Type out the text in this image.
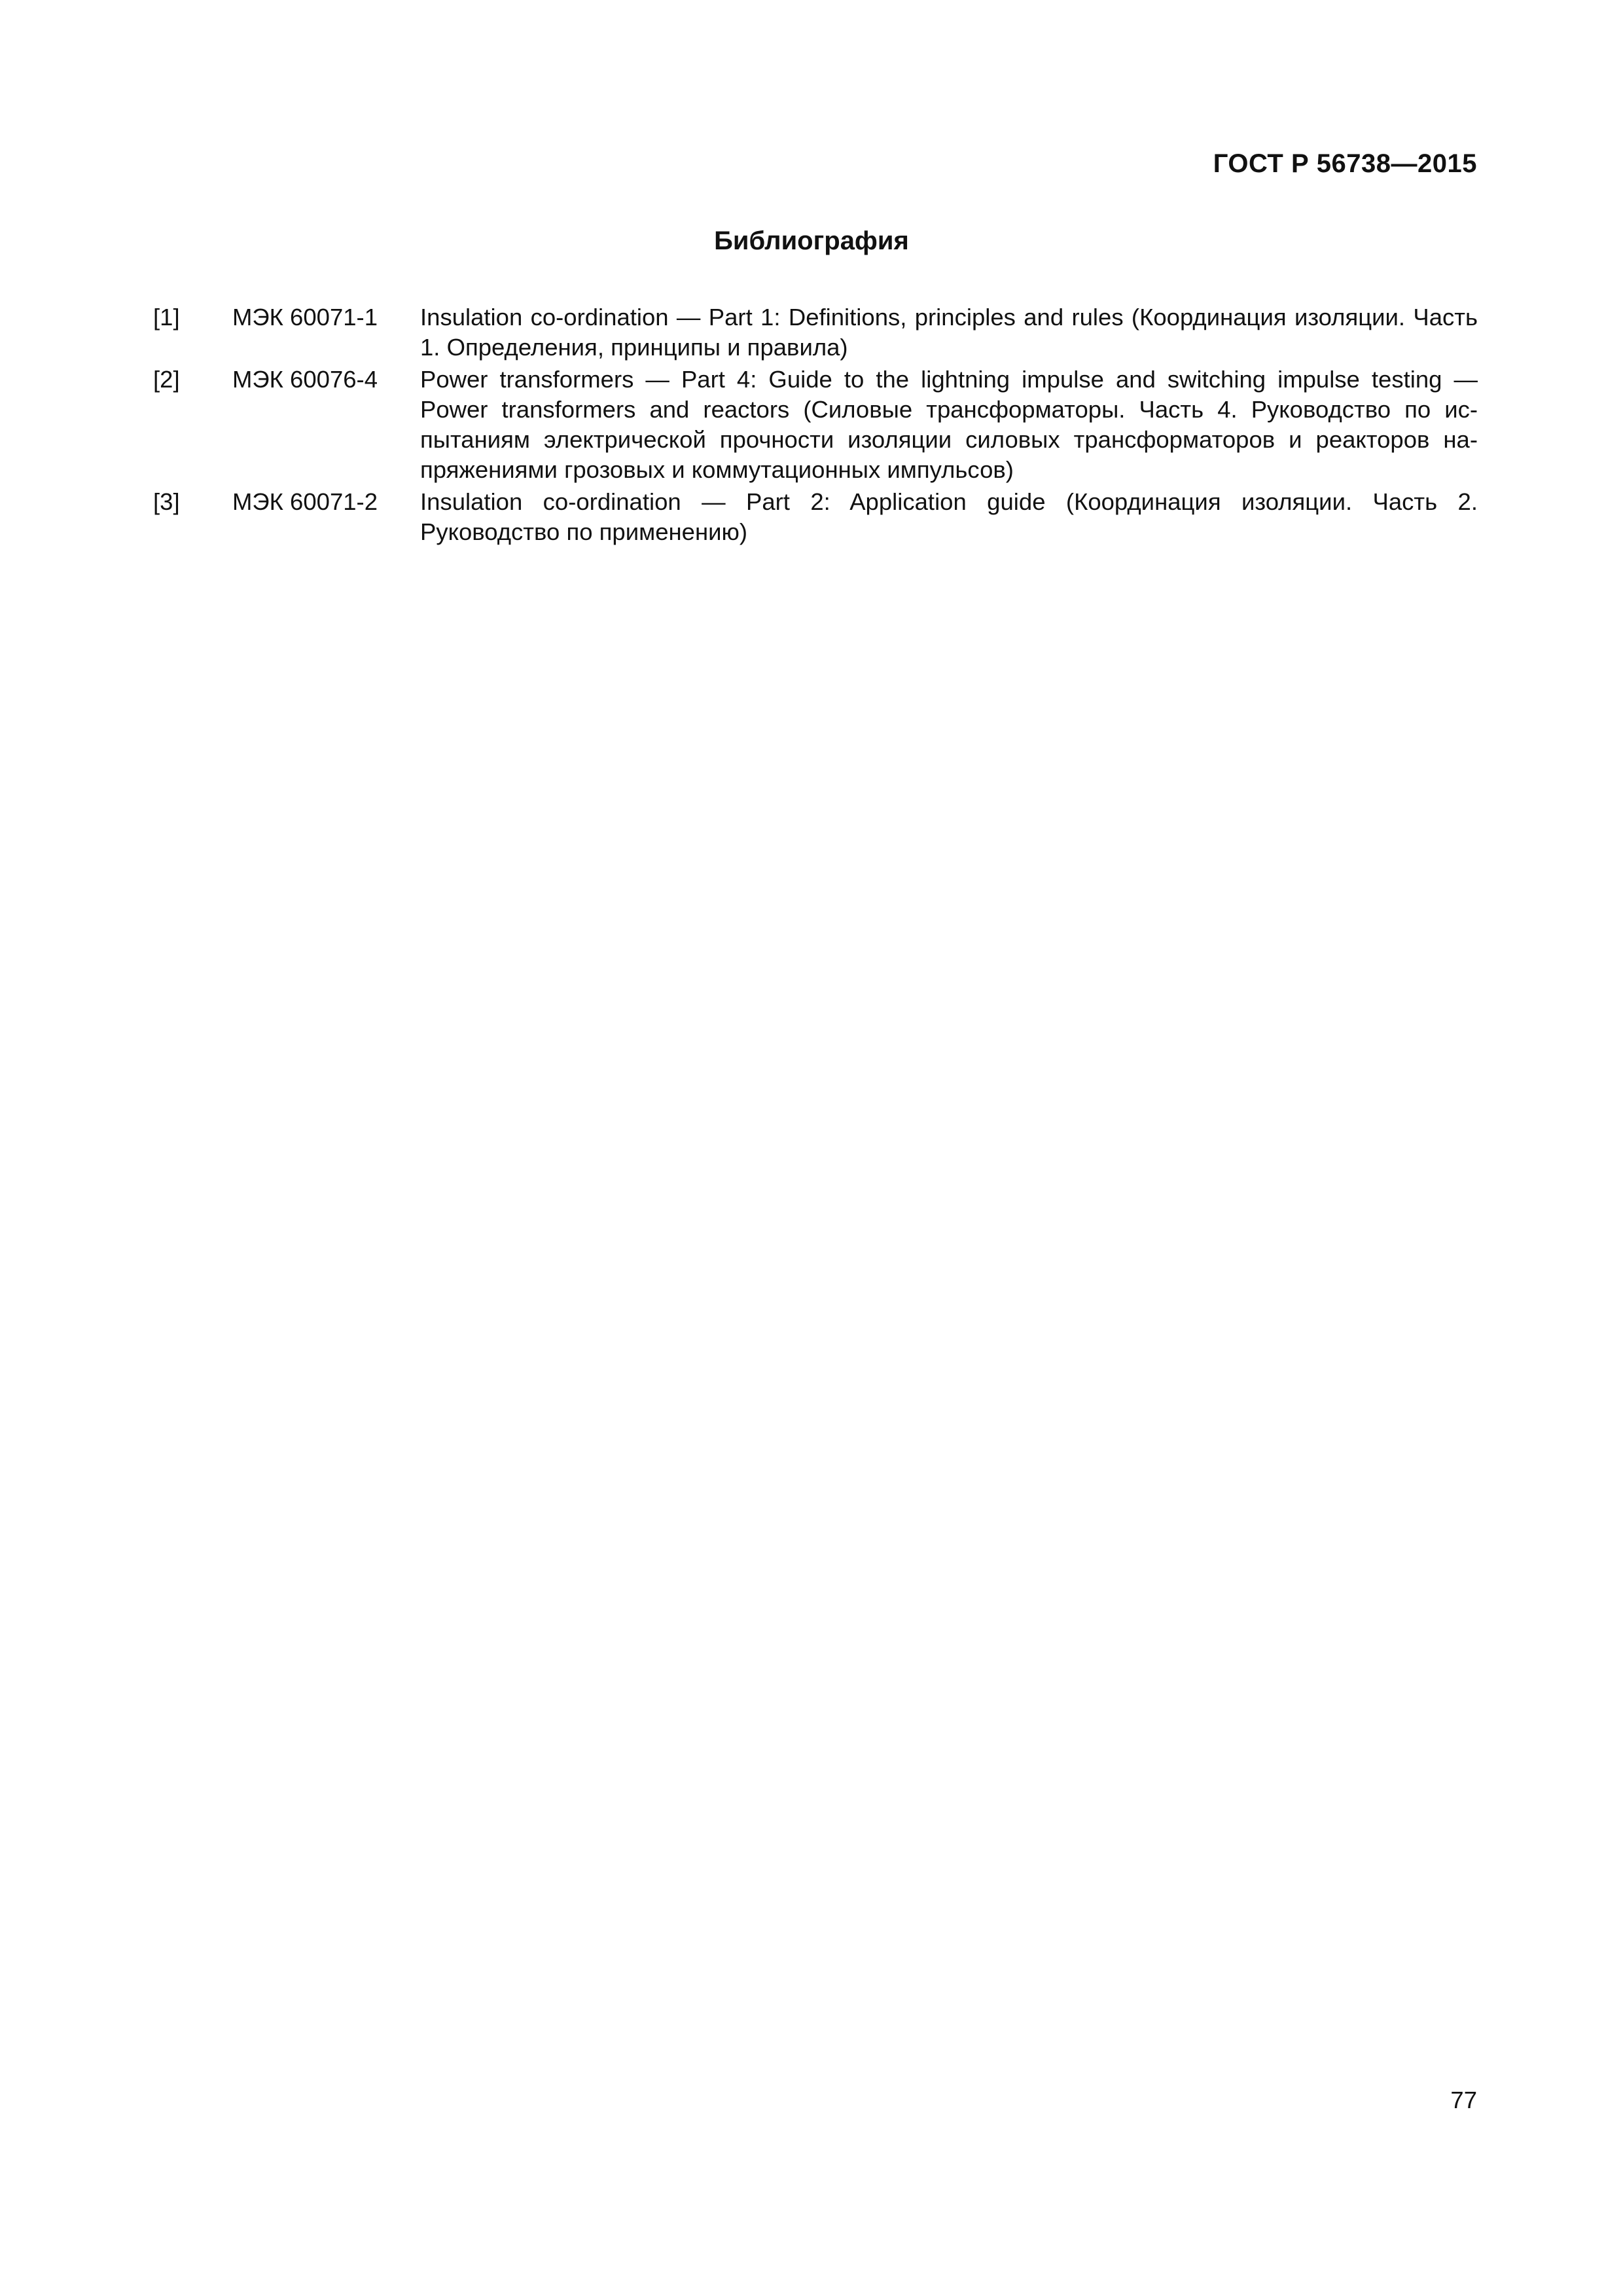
ГОСТ Р 56738—2015
Библиография
[1]	МЭК 60071-1	Insulation co-ordination — Part 1: Definitions, principles and rules (Координация изоляции. Часть 1. Определения, принципы и правила)
[2]	МЭК 60076-4	Power transformers — Part 4: Guide to the lightning impulse and switching impulse testing — Power transformers and reactors (Силовые трансформаторы. Часть 4. Руководство по испытаниям электрической прочности изоляции силовых трансформаторов и реакторов напряжениями грозовых и коммутационных импульсов)
[3]	МЭК 60071-2	Insulation co-ordination — Part 2: Application guide (Координация изоляции. Часть 2. Руководство по применению)
77
